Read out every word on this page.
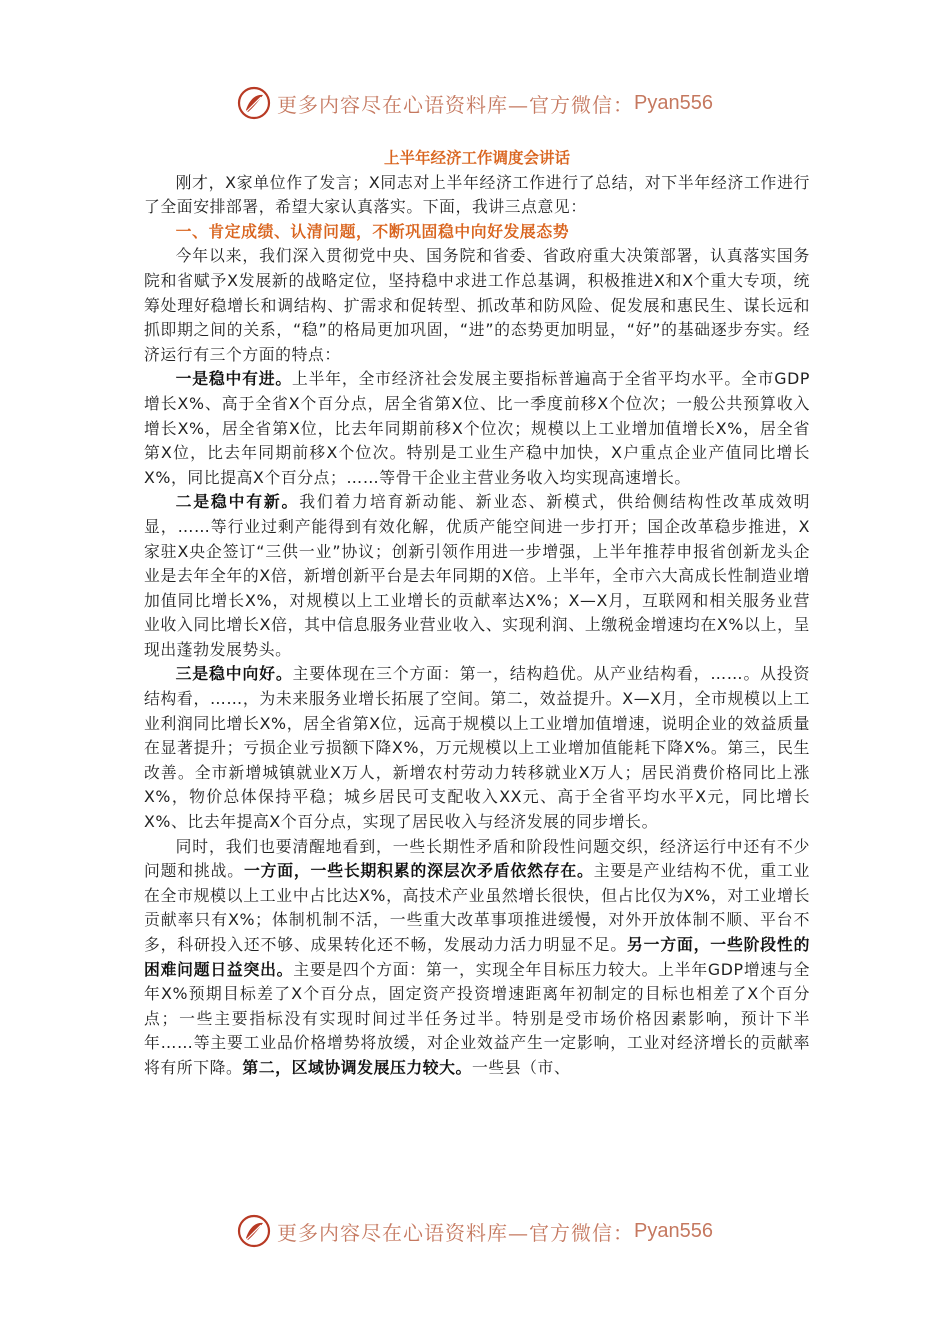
更多内容尽在心语资料库—官方微信： Pyan556
上半年经济工作调度会讲话

刚才，X家单位作了发言；X同志对上半年经济工作进行了总结，对下半年经济工作进行了全面安排部署，希望大家认真落实。下面，我讲三点意见：

一、肯定成绩、认清问题，不断巩固稳中向好发展态势

今年以来，我们深入贯彻党中央、国务院和省委、省政府重大决策部署，认真落实国务院和省赋予X发展新的战略定位，坚持稳中求进工作总基调，积极推进X和X个重大专项，统筹处理好稳增长和调结构、扩需求和促转型、抓改革和防风险、促发展和惠民生、谋长远和抓即期之间的关系，“稳”的格局更加巩固，“进”的态势更加明显，“好”的基础逐步夯实。经济运行有三个方面的特点：

一是稳中有进。上半年，全市经济社会发展主要指标普遍高于全省平均水平。全市GDP增长X%、高于全省X个百分点，居全省第X位、比一季度前移X个位次；一般公共预算收入增长X%，居全省第X位，比去年同期前移X个位次；规模以上工业增加值增长X%，居全省第X位，比去年同期前移X个位次。特别是工业生产稳中加快，X户重点企业产值同比增长X%，同比提高X个百分点；……等骨干企业主营业务收入均实现高速增长。

二是稳中有新。我们着力培育新动能、新业态、新模式，供给侧结构性改革成效明显，……等行业过剩产能得到有效化解，优质产能空间进一步打开；国企改革稳步推进，X家驻X央企签订“三供一业”协议；创新引领作用进一步增强，上半年推荐申报省创新龙头企业是去年全年的X倍，新增创新平台是去年同期的X倍。上半年，全市六大高成长性制造业增加值同比增长X%，对规模以上工业增长的贡献率达X%；X—X月，互联网和相关服务业营业收入同比增长X倍，其中信息服务业营业收入、实现利润、上缴税金增速均在X%以上，呈现出蓬勃发展势头。

三是稳中向好。主要体现在三个方面：第一，结构趋优。从产业结构看，……。从投资结构看，……，为未来服务业增长拓展了空间。第二，效益提升。X—X月，全市规模以上工业利润同比增长X%，居全省第X位，远高于规模以上工业增加值增速，说明企业的效益质量在显著提升；亏损企业亏损额下降X%，万元规模以上工业增加值能耗下降X%。第三，民生改善。全市新增城镇就业X万人，新增农村劳动力转移就业X万人；居民消费价格同比上涨X%，物价总体保持平稳；城乡居民可支配收入XX元、高于全省平均水平X元，同比增长X%、比去年提高X个百分点，实现了居民收入与经济发展的同步增长。

同时，我们也要清醒地看到，一些长期性矛盾和阶段性问题交织，经济运行中还有不少问题和挑战。一方面，一些长期积累的深层次矛盾依然存在。主要是产业结构不优，重工业在全市规模以上工业中占比达X%，高技术产业虽然增长很快，但占比仅为X%，对工业增长贡献率只有X%；体制机制不活，一些重大改革事项推进缓慢，对外开放体制不顺、平台不多，科研投入还不够、成果转化还不畅，发展动力活力明显不足。另一方面，一些阶段性的困难问题日益突出。主要是四个方面：第一，实现全年目标压力较大。上半年GDP增速与全年X%预期目标差了X个百分点，固定资产投资增速距离年初制定的目标也相差了X个百分点；一些主要指标没有实现时间过半任务过半。特别是受市场价格因素影响，预计下半年……等主要工业品价格增势将放缓，对企业效益产生一定影响，工业对经济增长的贡献率将有所下降。第二，区域协调发展压力较大。一些县（市、

更多内容尽在心语资料库—官方微信： Pyan556
